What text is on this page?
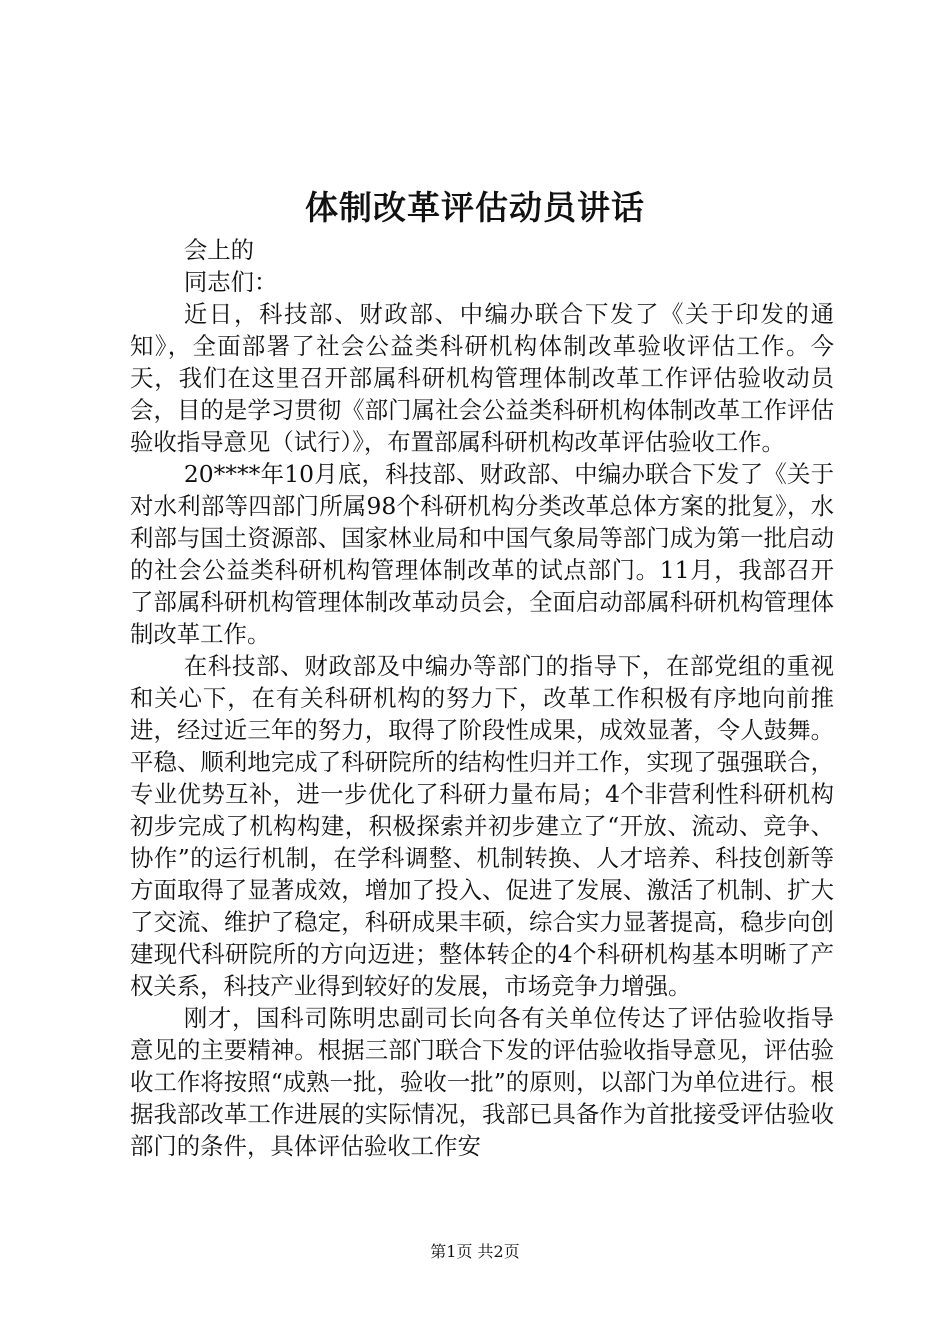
体制改革评估动员讲话

会上的

同志们：

近日，科技部、财政部、中编办联合下发了《关于印发的通知》，全面部署了社会公益类科研机构体制改革验收评估工作。今天，我们在这里召开部属科研机构管理体制改革工作评估验收动员会，目的是学习贯彻《部门属社会公益类科研机构体制改革工作评估验收指导意见（试行）》，布置部属科研机构改革评估验收工作。

20****年10月底，科技部、财政部、中编办联合下发了《关于对水利部等四部门所属98个科研机构分类改革总体方案的批复》，水利部与国土资源部、国家林业局和中国气象局等部门成为第一批启动的社会公益类科研机构管理体制改革的试点部门。11月，我部召开了部属科研机构管理体制改革动员会，全面启动部属科研机构管理体制改革工作。

在科技部、财政部及中编办等部门的指导下，在部党组的重视和关心下，在有关科研机构的努力下，改革工作积极有序地向前推进，经过近三年的努力，取得了阶段性成果，成效显著，令人鼓舞。平稳、顺利地完成了科研院所的结构性归并工作，实现了强强联合，专业优势互补，进一步优化了科研力量布局；4个非营利性科研机构初步完成了机构构建，积极探索并初步建立了“开放、流动、竞争、协作”的运行机制，在学科调整、机制转换、人才培养、科技创新等方面取得了显著成效，增加了投入、促进了发展、激活了机制、扩大了交流、维护了稳定，科研成果丰硕，综合实力显著提高，稳步向创建现代科研院所的方向迈进；整体转企的4个科研机构基本明晰了产权关系，科技产业得到较好的发展，市场竞争力增强。

刚才，国科司陈明忠副司长向各有关单位传达了评估验收指导意见的主要精神。根据三部门联合下发的评估验收指导意见，评估验收工作将按照“成熟一批，验收一批”的原则，以部门为单位进行。根据我部改革工作进展的实际情况，我部已具备作为首批接受评估验收部门的条件，具体评估验收工作安

第1页 共2页
